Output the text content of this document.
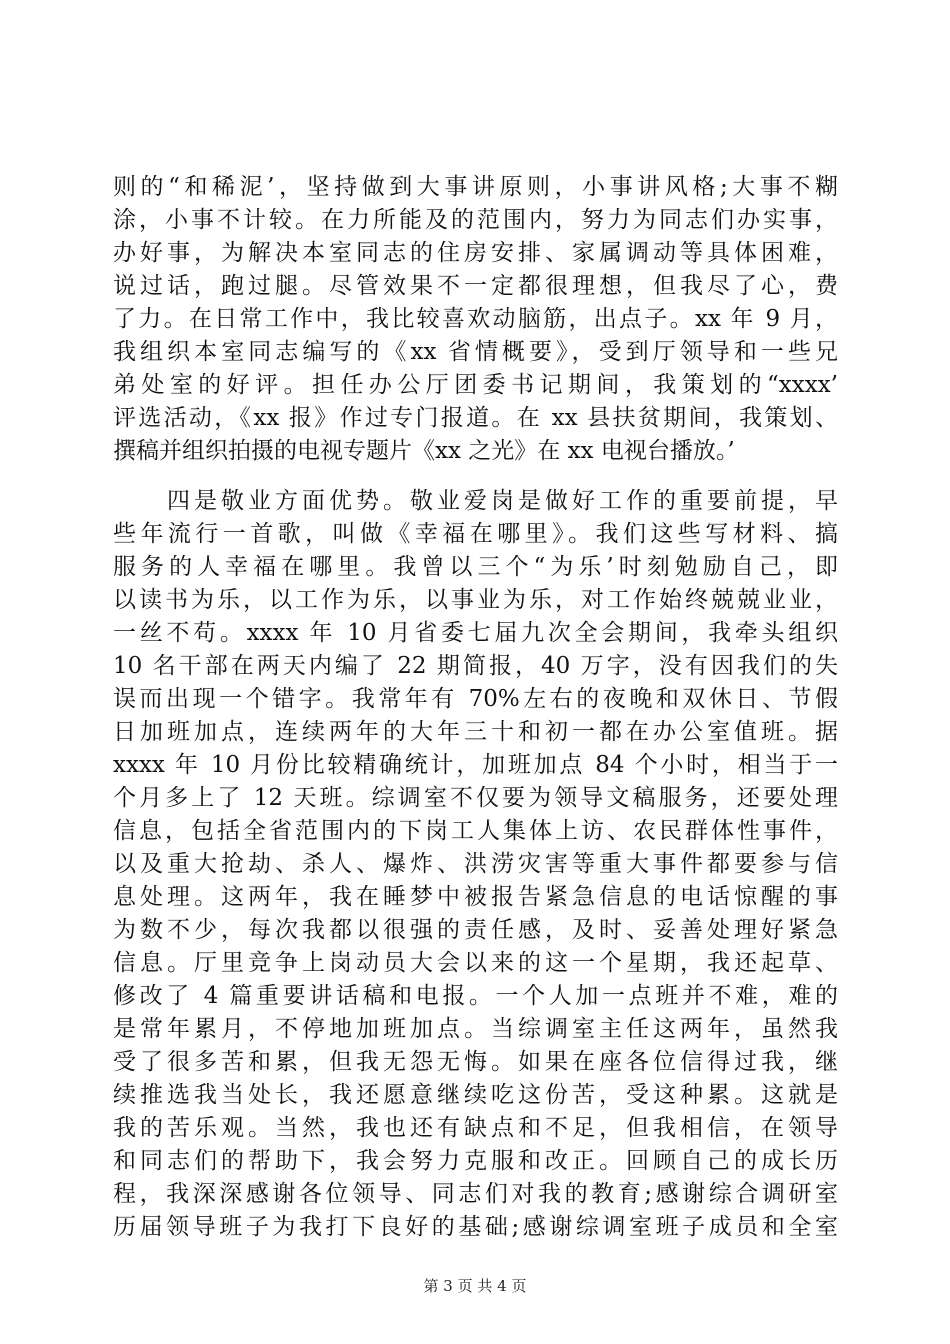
则的“和稀泥’，坚持做到大事讲原则，小事讲风格;大事不糊
涂，小事不计较。在力所能及的范围内，努力为同志们办实事，
办好事，为解决本室同志的住房安排、家属调动等具体困难，
说过话，跑过腿。尽管效果不一定都很理想，但我尽了心，费
了力。在日常工作中，我比较喜欢动脑筋，出点子。xx 年 9 月，
我组织本室同志编写的《xx 省情概要》，受到厅领导和一些兄
弟处室的好评。担任办公厅团委书记期间，我策划的“xxxx’
评选活动，《xx 报》作过专门报道。在 xx 县扶贫期间，我策划、
撰稿并组织拍摄的电视专题片《xx 之光》在 xx 电视台播放。’
　　四是敬业方面优势。敬业爱岗是做好工作的重要前提，早
些年流行一首歌，叫做《幸福在哪里》。我们这些写材料、搞
服务的人幸福在哪里。我曾以三个“为乐’时刻勉励自己，即
以读书为乐，以工作为乐，以事业为乐，对工作始终兢兢业业，
一丝不苟。xxxx 年 10 月省委七届九次全会期间，我牵头组织
10 名干部在两天内编了 22 期简报，40 万字，没有因我们的失
误而出现一个错字。我常年有 70%左右的夜晚和双休日、节假
日加班加点，连续两年的大年三十和初一都在办公室值班。据
xxxx 年 10 月份比较精确统计，加班加点 84 个小时，相当于一
个月多上了 12 天班。综调室不仅要为领导文稿服务，还要处理
信息，包括全省范围内的下岗工人集体上访、农民群体性事件，
以及重大抢劫、杀人、爆炸、洪涝灾害等重大事件都要参与信
息处理。这两年，我在睡梦中被报告紧急信息的电话惊醒的事
为数不少，每次我都以很强的责任感，及时、妥善处理好紧急
信息。厅里竞争上岗动员大会以来的这一个星期，我还起草、
修改了 4 篇重要讲话稿和电报。一个人加一点班并不难，难的
是常年累月，不停地加班加点。当综调室主任这两年，虽然我
受了很多苦和累，但我无怨无悔。如果在座各位信得过我，继
续推选我当处长，我还愿意继续吃这份苦，受这种累。这就是
我的苦乐观。当然，我也还有缺点和不足，但我相信，在领导
和同志们的帮助下，我会努力克服和改正。回顾自己的成长历
程，我深深感谢各位领导、同志们对我的教育;感谢综合调研室
历届领导班子为我打下良好的基础;感谢综调室班子成员和全室
第 3 页 共 4 页
